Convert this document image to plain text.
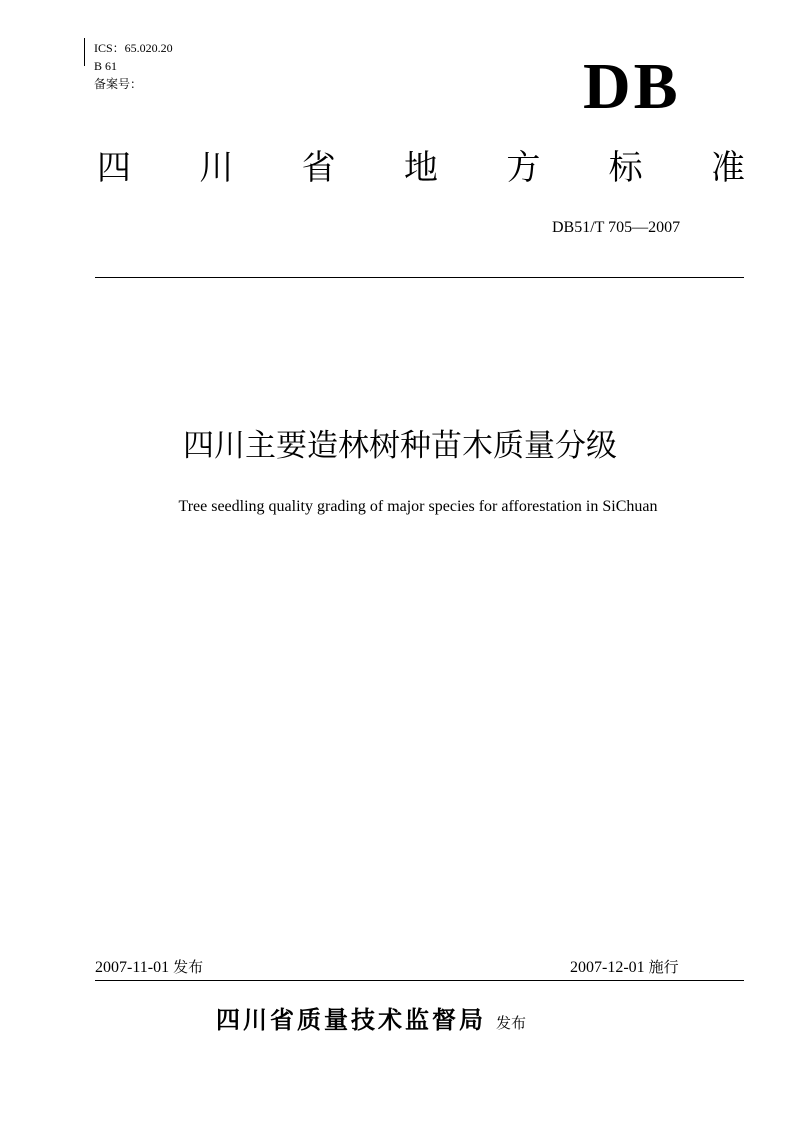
ICS：65.020.20
B 61
备案号：	DB
四 川 省 地 方 标 准
DB51/T 705—2007
四川主要造林树种苗木质量分级
Tree seedling quality grading of major species for afforestation in SiChuan
2007-11-01 发布	2007-12-01 施行
四川省质量技术监督局 发布
